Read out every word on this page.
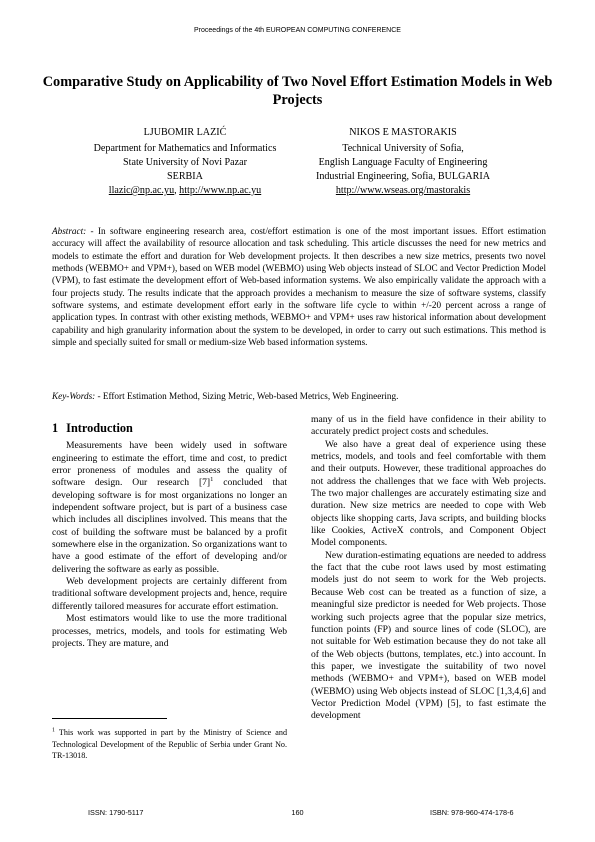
Proceedings of the 4th EUROPEAN COMPUTING CONFERENCE
Comparative Study on Applicability of Two Novel Effort Estimation Models in Web Projects
LJUBOMIR LAZIĆ
Department for Mathematics and Informatics
State University of Novi Pazar
SERBIA
llazic@np.ac.yu, http://www.np.ac.yu
NIKOS E MASTORAKIS
Technical University of Sofia,
English Language Faculty of Engineering
Industrial Engineering, Sofia, BULGARIA
http://www.wseas.org/mastorakis

Abstract: - In software engineering research area, cost/effort estimation is one of the most important issues. Effort estimation accuracy will affect the availability of resource allocation and task scheduling. This article discusses the need for new metrics and models to estimate the effort and duration for Web development projects. It then describes a new size metrics, presents two novel methods (WEBMO+ and VPM+), based on WEB model (WEBMO) using Web objects instead of SLOC and Vector Prediction Model (VPM), to fast estimate the development effort of Web-based information systems. We also empirically validate the approach with a four projects study. The results indicate that the approach provides a mechanism to measure the size of software systems, classify software systems, and estimate development effort early in the software life cycle to within +/-20 percent across a range of application types. In contrast with other existing methods, WEBMO+ and VPM+ uses raw historical information about development capability and high granularity information about the system to be developed, in order to carry out such estimations. This method is simple and specially suited for small or medium-size Web based information systems.

Key-Words: - Effort Estimation Method, Sizing Metric, Web-based Metrics, Web Engineering.

1 Introduction

Measurements have been widely used in software engineering to estimate the effort, time and cost, to predict error proneness of modules and assess the quality of software design. Our research $[7]^1$ concluded that developing software is for most organizations no longer an independent software project, but is part of a business case which includes all disciplines involved. This means that the cost of building the software must be balanced by a profit somewhere else in the organization. So organizations want to have a good estimate of the effort of developing and/or delivering the software as early as possible.

Web development projects are certainly different from traditional software development projects and, hence, require differently tailored measures for accurate effort estimation.

Most estimators would like to use the more traditional processes, metrics, models, and tools for estimating Web projects. They are mature, and

many of us in the field have confidence in their ability to accurately predict project costs and schedules.

We also have a great deal of experience using these metrics, models, and tools and feel comfortable with them and their outputs. However, these traditional approaches do not address the challenges that we face with Web projects. The two major challenges are accurately estimating size and duration. New size metrics are needed to cope with Web objects like shopping carts, Java scripts, and building blocks like Cookies, ActiveX controls, and Component Object Model components.

New duration-estimating equations are needed to address the fact that the cube root laws used by most estimating models just do not seem to work for the Web projects. Because Web cost can be treated as a function of size, a meaningful size predictor is needed for Web projects. Those working such projects agree that the popular size metrics, function points (FP) and source lines of code (SLOC), are not suitable for Web estimation because they do not take all of the Web objects (buttons, templates, etc.) into account. In this paper, we investigate the suitability of two novel methods (WEBMO+ and VPM+), based on WEB model (WEBMO) using Web objects instead of SLOC [1,3,4,6] and Vector Prediction Model (VPM) [5], to fast estimate the development

$^1$ This work was supported in part by the Ministry of Science and Technological Development of the Republic of Serbia under Grant No. TR-13018.
ISSN: 1790-5117	160	ISBN: 978-960-474-178-6
